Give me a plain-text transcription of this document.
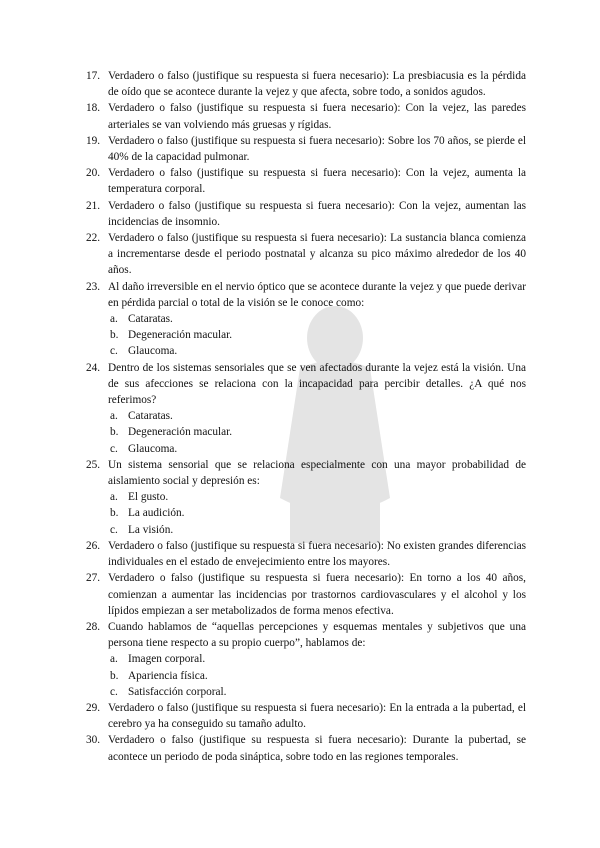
17. Verdadero o falso (justifique su respuesta si fuera necesario): La presbiacusia es la pérdida de oído que se acontece durante la vejez y que afecta, sobre todo, a sonidos agudos.
18. Verdadero o falso (justifique su respuesta si fuera necesario): Con la vejez, las paredes arteriales se van volviendo más gruesas y rígidas.
19. Verdadero o falso (justifique su respuesta si fuera necesario): Sobre los 70 años, se pierde el 40% de la capacidad pulmonar.
20. Verdadero o falso (justifique su respuesta si fuera necesario): Con la vejez, aumenta la temperatura corporal.
21. Verdadero o falso (justifique su respuesta si fuera necesario): Con la vejez, aumentan las incidencias de insomnio.
22. Verdadero o falso (justifique su respuesta si fuera necesario): La sustancia blanca comienza a incrementarse desde el periodo postnatal y alcanza su pico máximo alrededor de los 40 años.
23. Al daño irreversible en el nervio óptico que se acontece durante la vejez y que puede derivar en pérdida parcial o total de la visión se le conoce como:
a. Cataratas.
b. Degeneración macular.
c. Glaucoma.
24. Dentro de los sistemas sensoriales que se ven afectados durante la vejez está la visión. Una de sus afecciones se relaciona con la incapacidad para percibir detalles. ¿A qué nos referimos?
a. Cataratas.
b. Degeneración macular.
c. Glaucoma.
25. Un sistema sensorial que se relaciona especialmente con una mayor probabilidad de aislamiento social y depresión es:
a. El gusto.
b. La audición.
c. La visión.
26. Verdadero o falso (justifique su respuesta si fuera necesario): No existen grandes diferencias individuales en el estado de envejecimiento entre los mayores.
27. Verdadero o falso (justifique su respuesta si fuera necesario): En torno a los 40 años, comienzan a aumentar las incidencias por trastornos cardiovasculares y el alcohol y los lípidos empiezan a ser metabolizados de forma menos efectiva.
28. Cuando hablamos de “aquellas percepciones y esquemas mentales y subjetivos que una persona tiene respecto a su propio cuerpo”, hablamos de:
a. Imagen corporal.
b. Apariencia física.
c. Satisfacción corporal.
29. Verdadero o falso (justifique su respuesta si fuera necesario): En la entrada a la pubertad, el cerebro ya ha conseguido su tamaño adulto.
30. Verdadero o falso (justifique su respuesta si fuera necesario): Durante la pubertad, se acontece un periodo de poda sináptica, sobre todo en las regiones temporales.
